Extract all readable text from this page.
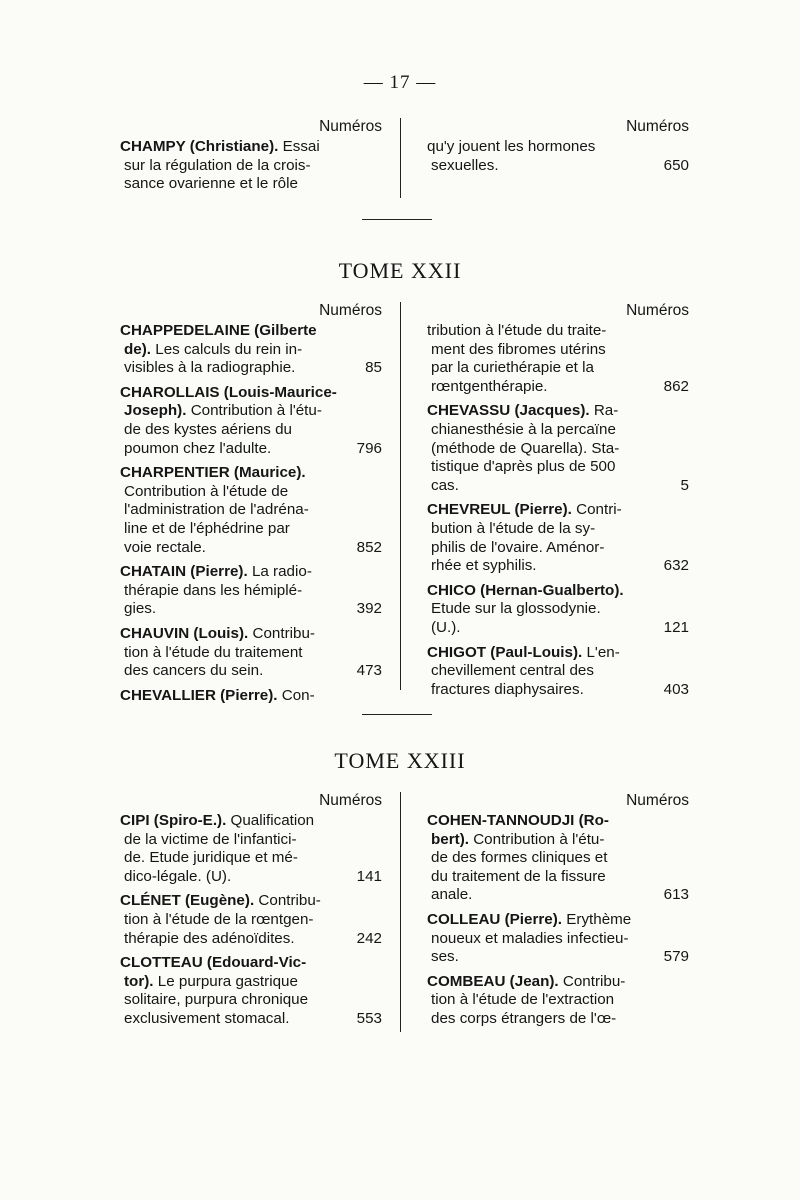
— 17 —
Numéros
CHAMPY (Christiane). Essai
sur la régulation de la crois-
sance ovarienne et le rôle
Numéros
qu'y jouent les hormones
sexuelles.	650
TOME XXII
Numéros
CHAPPEDELAINE (Gilberte
de). Les calculs du rein in-
visibles à la radiographie.	85
CHAROLLAIS (Louis-Maurice-
Joseph). Contribution à l'étu-
de des kystes aériens du
poumon chez l'adulte.	796
CHARPENTIER (Maurice).
Contribution à l'étude de
l'administration de l'adréna-
line et de l'éphédrine par
voie rectale.	852
CHATAIN (Pierre). La radio-
thérapie dans les hémiplé-
gies.	392
CHAUVIN (Louis). Contribu-
tion à l'étude du traitement
des cancers du sein.	473
CHEVALLIER (Pierre). Con-
Numéros
tribution à l'étude du traite-
ment des fibromes utérins
par la curiethérapie et la
rœntgenthérapie.	862
CHEVASSU (Jacques). Ra-
chianesthésie à la percaïne
(méthode de Quarella). Sta-
tistique d'après plus de 500
cas.	5
CHEVREUL (Pierre). Contri-
bution à l'étude de la sy-
philis de l'ovaire. Aménor-
rhée et syphilis.	632
CHICO (Hernan-Gualberto).
Etude sur la glossodynie.
(U.).	121
CHIGOT (Paul-Louis). L'en-
chevillement central des
fractures diaphysaires.	403
TOME XXIII
Numéros
CIPI (Spiro-E.). Qualification
de la victime de l'infantici-
de. Etude juridique et mé-
dico-légale. (U).	141
CLÉNET (Eugène). Contribu-
tion à l'étude de la rœntgen-
thérapie des adénoïdites.	242
CLOTTEAU (Edouard-Vic-
tor). Le purpura gastrique
solitaire, purpura chronique
exclusivement stomacal.	553
Numéros
COHEN-TANNOUDJI (Ro-
bert). Contribution à l'étu-
de des formes cliniques et
du traitement de la fissure
anale.	613
COLLEAU (Pierre). Erythème
noueux et maladies infectieu-
ses.	579
COMBEAU (Jean). Contribu-
tion à l'étude de l'extraction
des corps étrangers de l'œ-
